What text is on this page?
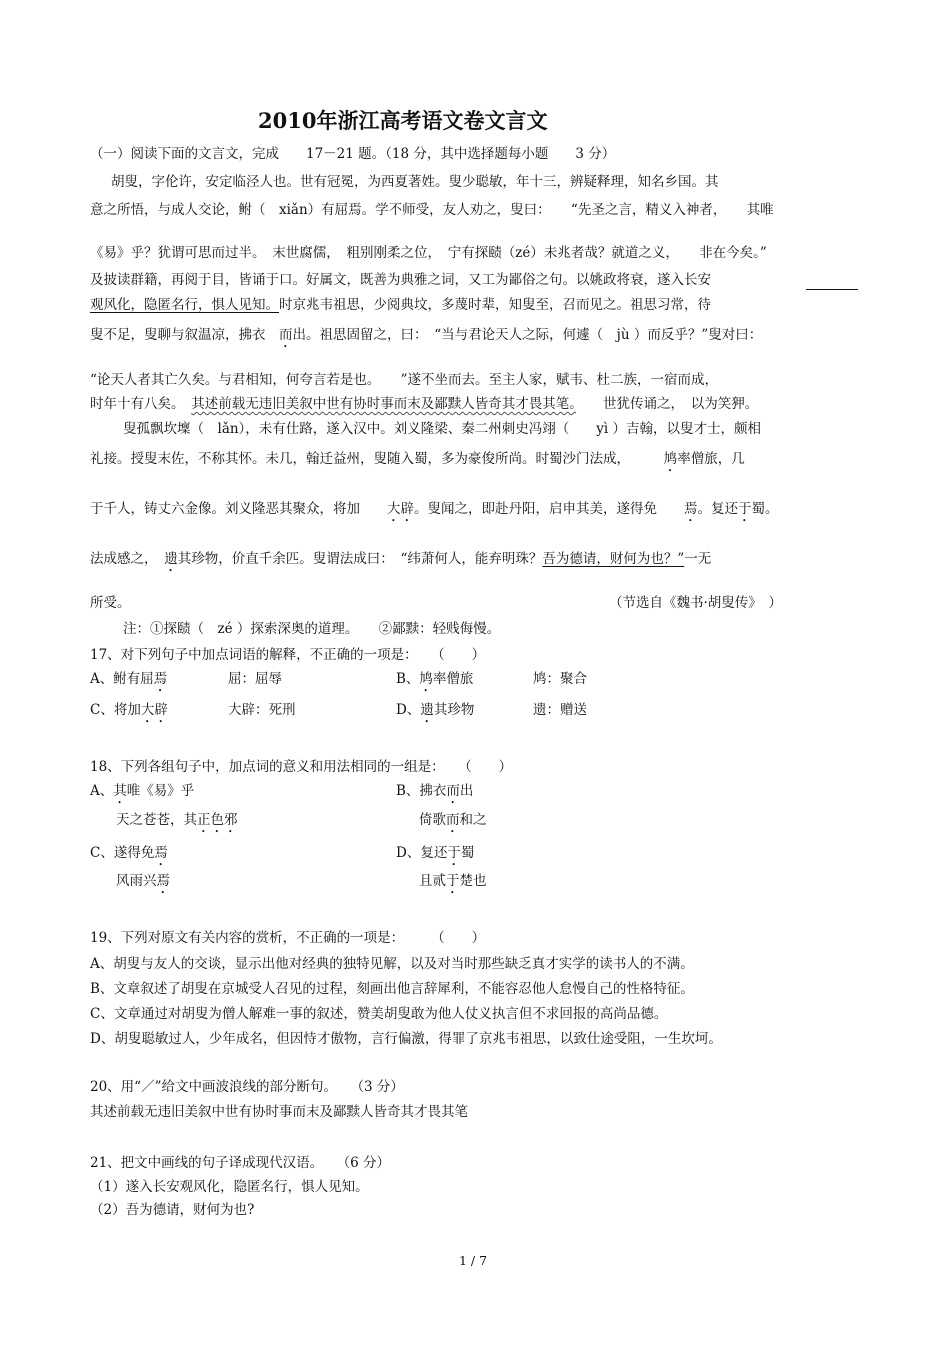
2010年浙江高考语文卷文言文
（一）阅读下面的文言文，完成　　17－21 题。（18 分，其中选择题每小题　　3 分）
胡叟，字伦许，安定临泾人也。世有冠冕，为西夏著姓。叟少聪敏，年十三，辨疑释理，知名乡国。其
意之所悟，与成人交论，鲋（　xiǎn）有屈焉。学不师受，友人劝之，叟曰：　　“先圣之言，精义入神者，　　其唯
《易》乎？犹谓可思而过半。　末世腐儒，　粗别刚柔之位，　宁有探赜（zé）未兆者哉？就道之义，　　非在今矣。”
及披读群籍，再阅于目，皆诵于口。好属文，既善为典雅之词，又工为鄙俗之句。以姚政将衰，遂入长安
观风化，隐匿名行，惧人见知。时京兆韦祖思，少阅典坟，多蔑时辈，知叟至，召而见之。祖思习常，待
叟不足，叟聊与叙温凉，拂衣　而出。祖思固留之，曰：　“当与君论天人之际，何遽（　jù ）而反乎？”叟对曰：
“论天人者其亡久矣。与君相知，何夸言若是也。　　”遂不坐而去。至主人家，赋韦、杜二族，一宿而成，
时年十有八矣。　 其述前载无违旧美叙中世有协时事而末及鄙黩人皆奇其才畏其笔。　　 世犹传诵之，　以为笑狎。
叟孤飘坎壈（　lǎn），未有仕路，遂入汉中。刘义隆梁、秦二州刺史冯翊（　　yì ）吉翰，以叟才士，颇相
礼接。授叟末佐，不称其怀。未几，翰迁益州，叟随入蜀，多为豪俊所尚。时蜀沙门法成，　　　鸠率僧旅，几
于千人，铸丈六金像。刘义隆恶其聚众，将加　　大辟。叟闻之，即赴丹阳，启申其美，遂得免　　焉。复还于蜀。
法成感之，　遗其珍物，价直千余匹。叟谓法成曰：　“纬萧何人，能弃明珠？吾为德请，财何为也？”一无
所受。	（节选自《魏书·胡叟传》　）
注：①探赜（　zé ）探索深奥的道理。　　②鄙黩：轻贱侮慢。
17、对下列句子中加点词语的解释，不正确的一项是：　　（　　）
A、鲋有屈焉	屈：屈辱	B、鸠率僧旅	鸠：聚合
C、将加大辟	大辟：死刑	D、遗其珍物	遗：赠送
18、下列各组句子中，加点词的意义和用法相同的一组是：　　（　　）
A、其唯《易》乎
天之苍苍，其正色邪
B、拂衣而出
倚歌而和之
C、遂得免焉
风雨兴焉
D、复还于蜀
且贰于楚也
19、下列对原文有关内容的赏析，不正确的一项是：　　　（　　）
A、胡叟与友人的交谈，显示出他对经典的独特见解，以及对当时那些缺乏真才实学的读书人的不满。
B、文章叙述了胡叟在京城受人召见的过程，刻画出他言辞犀利，不能容忍他人怠慢自己的性格特征。
C、文章通过对胡叟为僧人解难一事的叙述，赞美胡叟敢为他人仗义执言但不求回报的高尚品德。
D、胡叟聪敏过人，少年成名，但因恃才傲物，言行偏激，得罪了京兆韦祖思，以致仕途受阻，一生坎坷。
20、用“／”给文中画波浪线的部分断句。　　（3 分）
其述前载无违旧美叙中世有协时事而末及鄙黩人皆奇其才畏其笔
21、把文中画线的句子译成现代汉语。　　（6 分）
（1）遂入长安观风化，隐匿名行，惧人见知。
（2）吾为德请，财何为也?
1 / 7
